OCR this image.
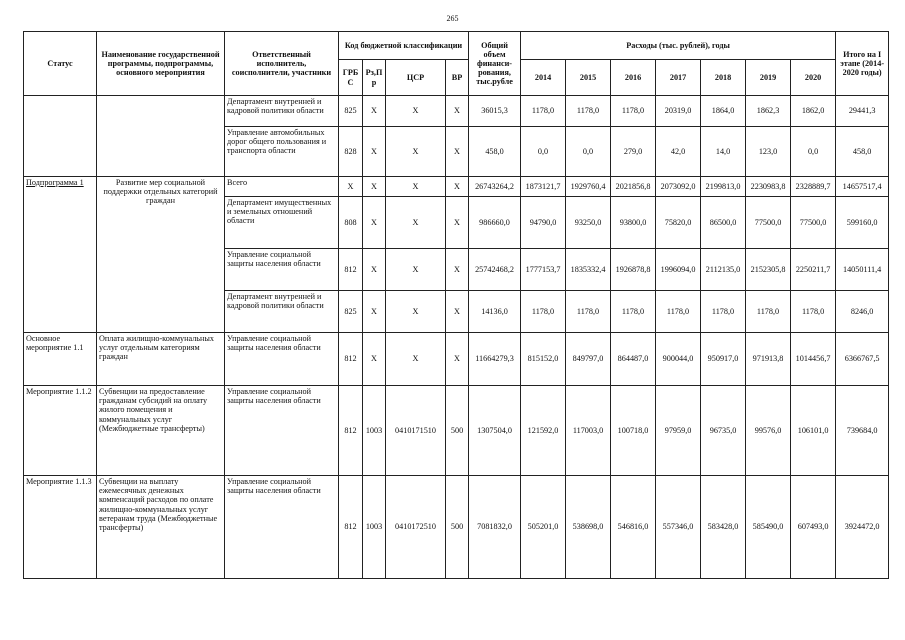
265
Статус	Наименование государственной программы, подпрограммы, основного мероприятия	Ответственный исполнитель, соисполнители, участники	Код бюджетной классификации				Общий объем финанси- рования, тыс.рубле	Расходы (тыс. рублей), годы							Итого на I этапе (2014-2020 годы)
			ГРБ С	Рз,П р	ЦСР	ВР		2014	2015	2016	2017	2018	2019	2020	
		Департамент внутренней и кадровой политики области	825	X	X	X	36015,3	1178,0	1178,0	1178,0	20319,0	1864,0	1862,3	1862,0	29441,3
		Управление автомобильных дорог общего пользования и транспорта области	828	X	X	X	458,0	0,0	0,0	279,0	42,0	14,0	123,0	0,0	458,0
Подпрограмма 1	Развитие мер социальной поддержки отдельных категорий граждан	Всего	X	X	X	X	26743264,2	1873121,7	1929760,4	2021856,8	2073092,0	2199813,0	2230983,8	2328889,7	14657517,4
		Департамент имущественных и земельных отношений области	808	X	X	X	986660,0	94790,0	93250,0	93800,0	75820,0	86500,0	77500,0	77500,0	599160,0
		Управление социальной защиты населения области	812	X	X	X	25742468,2	1777153,7	1835332,4	1926878,8	1996094,0	2112135,0	2152305,8	2250211,7	14050111,4
		Департамент внутренней и кадровой политики области	825	X	X	X	14136,0	1178,0	1178,0	1178,0	1178,0	1178,0	1178,0	1178,0	8246,0
Основное мероприятие 1.1	Оплата жилищно-коммунальных услуг отдельным категориям граждан	Управление социальной защиты населения области	812	X	X	X	11664279,3	815152,0	849797,0	864487,0	900044,0	950917,0	971913,8	1014456,7	6366767,5
Мероприятие 1.1.2	Субвенции на предоставление гражданам субсидий на оплату жилого помещения и коммунальных услуг (Межбюджетные трансферты)	Управление социальной защиты населения области	812	1003	0410171510	500	1307504,0	121592,0	117003,0	100718,0	97959,0	96735,0	99576,0	106101,0	739684,0
Мероприятие 1.1.3	Субвенции на выплату ежемесячных денежных компенсаций расходов по оплате жилищно-коммунальных услуг ветеранам труда (Межбюджетные трансферты)	Управление социальной защиты населения области	812	1003	0410172510	500	7081832,0	505201,0	538698,0	546816,0	557346,0	583428,0	585490,0	607493,0	3924472,0
